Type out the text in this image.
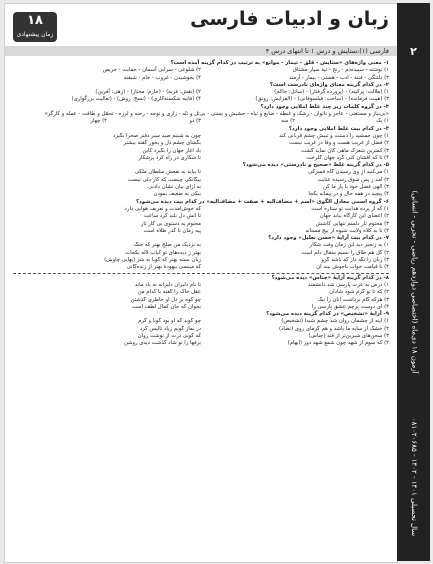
۱۸
زمان پیشنهادی
زبان و ادبیات فارسی
فارسی (۱)،ستایش و درس ۱ تا انتهای درس ۴
۱- معنی واژه‌های «ستایش - قلق - تیمار - موانع» به ترتیب در کدام گزینه آمده است؟
۱) نوشته - سپیده‌دم - رنج - تپۀ سپار مشتاق
۲) شلوغی - سرابی آسمان - حمایت - حریص
۳) دلتنگی - فتنه - ادب - هستی - بیمار - آرمند
۴) بجوشیدن - غروب - خام - شیفته
۲- در کدام گزینه معنای واژه‌ای نادرست است؟
۱) (ملالت: پرکینه) - (پرورده گرفتار) - (ساتل: حاکم)
۲) (نقش: فربه) - (خارم: مختار) - (زهی: آفرین)
۳) (هیبت فرمانده) - (ساخت: فیلسوفانی) - (الفزایش: رونق)
۴) (فانیه شکسته‌کاری) - (نسخ: روش) - (تعالیت بزرگواری)
۳- در گروه کلمات زیر چند غلط املایی وجود دارد؟
«بی‌نیاز و مستغنی - عاجز و ناتوان - رشک و غبطه - ضایع و تباه - حشیش و پستی - بی‌تل و تبّه - زاری و نوحه - رحنه و لرزه - تحمّل و طاقت - عمله و کارگر»
۱) یک
۲) سه
۳) دو
۴) چهار
۴- در کدام بیت غلط املایی وجود دارد؟
۱) چون جمشید را دستت و تبیش چشم قربانی کند
چون به شبنم صید سیر دفتر صحرا بگیرد
۲) فضل از غریب هست و وفا در غریب نیست
بگشای چشم دل و بخور گفته بیشتر
۳) کمترین شعرگ ماهی کان نماید گشت
یاد آغاز جهان را بگیرد کاین
۴) تا که افشان کنی گرد جهان گلرخت
تا شکاری در راه کرد پرشکار
۵- در کدام گزینه غلط «صحیح و نادرستی» دیده می‌شود؟
۱) می‌کنید از وی رسیدن گاه فسرکی
تا بیاید به نفعش سلطان ملکی
۲) آمد ز پس شوق رسیده عنایت
بیگانگی چیست که کار دلی نیست
۳) الهی فضل خود با پار ما کن
به ازای بیان نشان دادنی
۴) پیچید در همه حال و در پیمانه یکجا
بیکی به ضعیف نمودن
۶- گروه اسمی معادل الگوی «اسم + مضاف‌الیه + صفت + مضاف‌الیه» در کدام بیت دیده می‌شود؟
۱) که از پرده هدایت تو ستاره است
که خوش‌آمدت و تعریف هوایی دارد
۲) اعضای این کارگاه بیابد جهان
تا آتش دل بلند گرد ساعت
۳) محتوم تار دلسم تنهایی کاشش
محتوم به دستوی بی کار تار
۴) تا به کلاه ولایت شیوه از پیچ مستانه
پیه زمان تا گذر طلاه است
۷- در کدام بیت آرایۀ «حسن تعلیل» وجود دارد؟
۱) به زنجیر دید این زمان وقت شکار
به نزدیک من صلح بهتر که جنگ
۲) گل هم طاق را نسیم سفال دلم است
بهتر ز دیده‌های تو کباب لاله بکجات
۳) زبان را نگه دار که باشد گرو
زبان بسته بهتر که گویا به شر (بهایی چاوش)
۴) تا قیامت خواب ناخوش بیند آن
که مینسی بیهودۀ بهتر از زنده‌گانی
۸- در کدام گزینه آرایۀ «جناس» دیده می‌شود؟
۱) درس به عزت پارسی شد دانشمند
تا نام دلیران دلیرانه به یاد ماند
۲) که تا تو گرم شود شادان
عقل خاک را گفته با کدام من
۳) هرکه گام برداشت آنان را نیک
چو کوه بر دل او خاطری گذشتن
۴) ای دوست پرچم عشق پارسی را
بخوان که جان کمال لطف است
۹- آرایۀ «تشخیص» در کدام گزینه دیده می‌شود؟
۱) آینه از چشمان روان شد چشم شیدا (تشخیص)
چو گوید که او بود گویا و گرم
۲) خشک از سایه ما باشد و هم گرمای روی (تضاد)
در نماز گویم زیاد نالیس کرد
۳) سخن‌های شیرین‌تر از قند (جناس)
که گویی درت از نوشت روان
۴) که سوم از شهد چون شمع شهد دور (ایهام)
برفها را تو شاد گذشت دیدی روشن
۲
آزمون ۱۸ دی‌ماه (اختصاصی دوازدهم ریاضی - تجربی - انسانی)
۰۸۱۰۲۰۶۸۵ - سال تحصیلی ۱۴۰۱ - ۱۴۰۲
